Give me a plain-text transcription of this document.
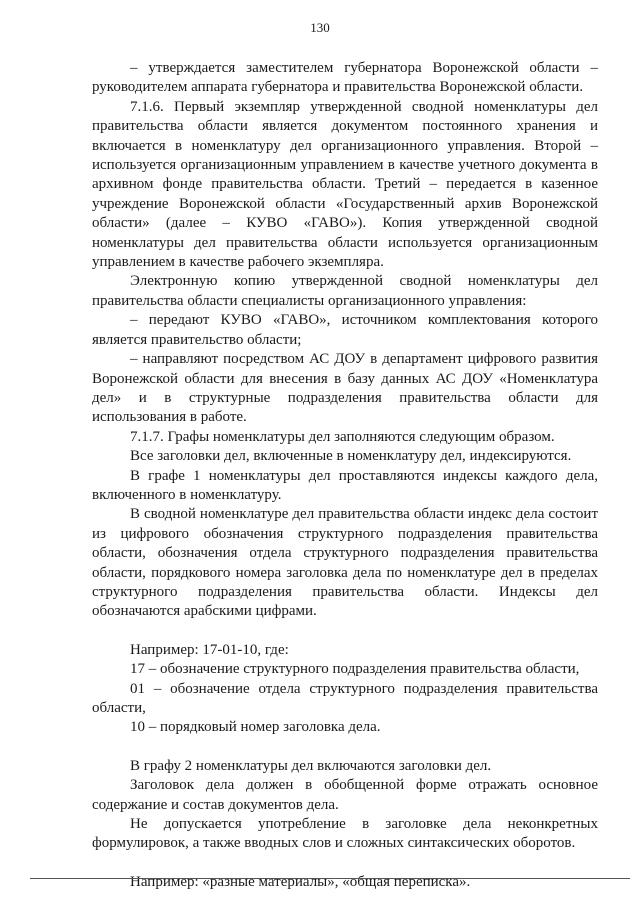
130

– утверждается заместителем губернатора Воронежской области – руководителем аппарата губернатора и правительства Воронежской области.

7.1.6. Первый экземпляр утвержденной сводной номенклатуры дел правительства области является документом постоянного хранения и включается в номенклатуру дел организационного управления. Второй – используется организационным управлением в качестве учетного документа в архивном фонде правительства области. Третий – передается в казенное учреждение Воронежской области «Государственный архив Воронежской области» (далее – КУВО «ГАВО»). Копия утвержденной сводной номенклатуры дел правительства области используется организационным управлением в качестве рабочего экземпляра.

Электронную копию утвержденной сводной номенклатуры дел правительства области специалисты организационного управления:

– передают КУВО «ГАВО», источником комплектования которого является правительство области;

– направляют посредством АС ДОУ в департамент цифрового развития Воронежской области для внесения в базу данных АС ДОУ «Номенклатура дел» и в структурные подразделения правительства области для использования в работе.

7.1.7. Графы номенклатуры дел заполняются следующим образом.

Все заголовки дел, включенные в номенклатуру дел, индексируются.

В графе 1 номенклатуры дел проставляются индексы каждого дела, включенного в номенклатуру.

В сводной номенклатуре дел правительства области индекс дела состоит из цифрового обозначения структурного подразделения правительства области, обозначения отдела структурного подразделения правительства области, порядкового номера заголовка дела по номенклатуре дел в пределах структурного подразделения правительства области. Индексы дел обозначаются арабскими цифрами.

Например: 17-01-10, где:

17 – обозначение структурного подразделения правительства области,

01 – обозначение отдела структурного подразделения правительства области,

10 – порядковый номер заголовка дела.

В графу 2 номенклатуры дел включаются заголовки дел.

Заголовок дела должен в обобщенной форме отражать основное содержание и состав документов дела.

Не допускается употребление в заголовке дела неконкретных формулировок, а также вводных слов и сложных синтаксических оборотов.

Например: «разные материалы», «общая переписка».
